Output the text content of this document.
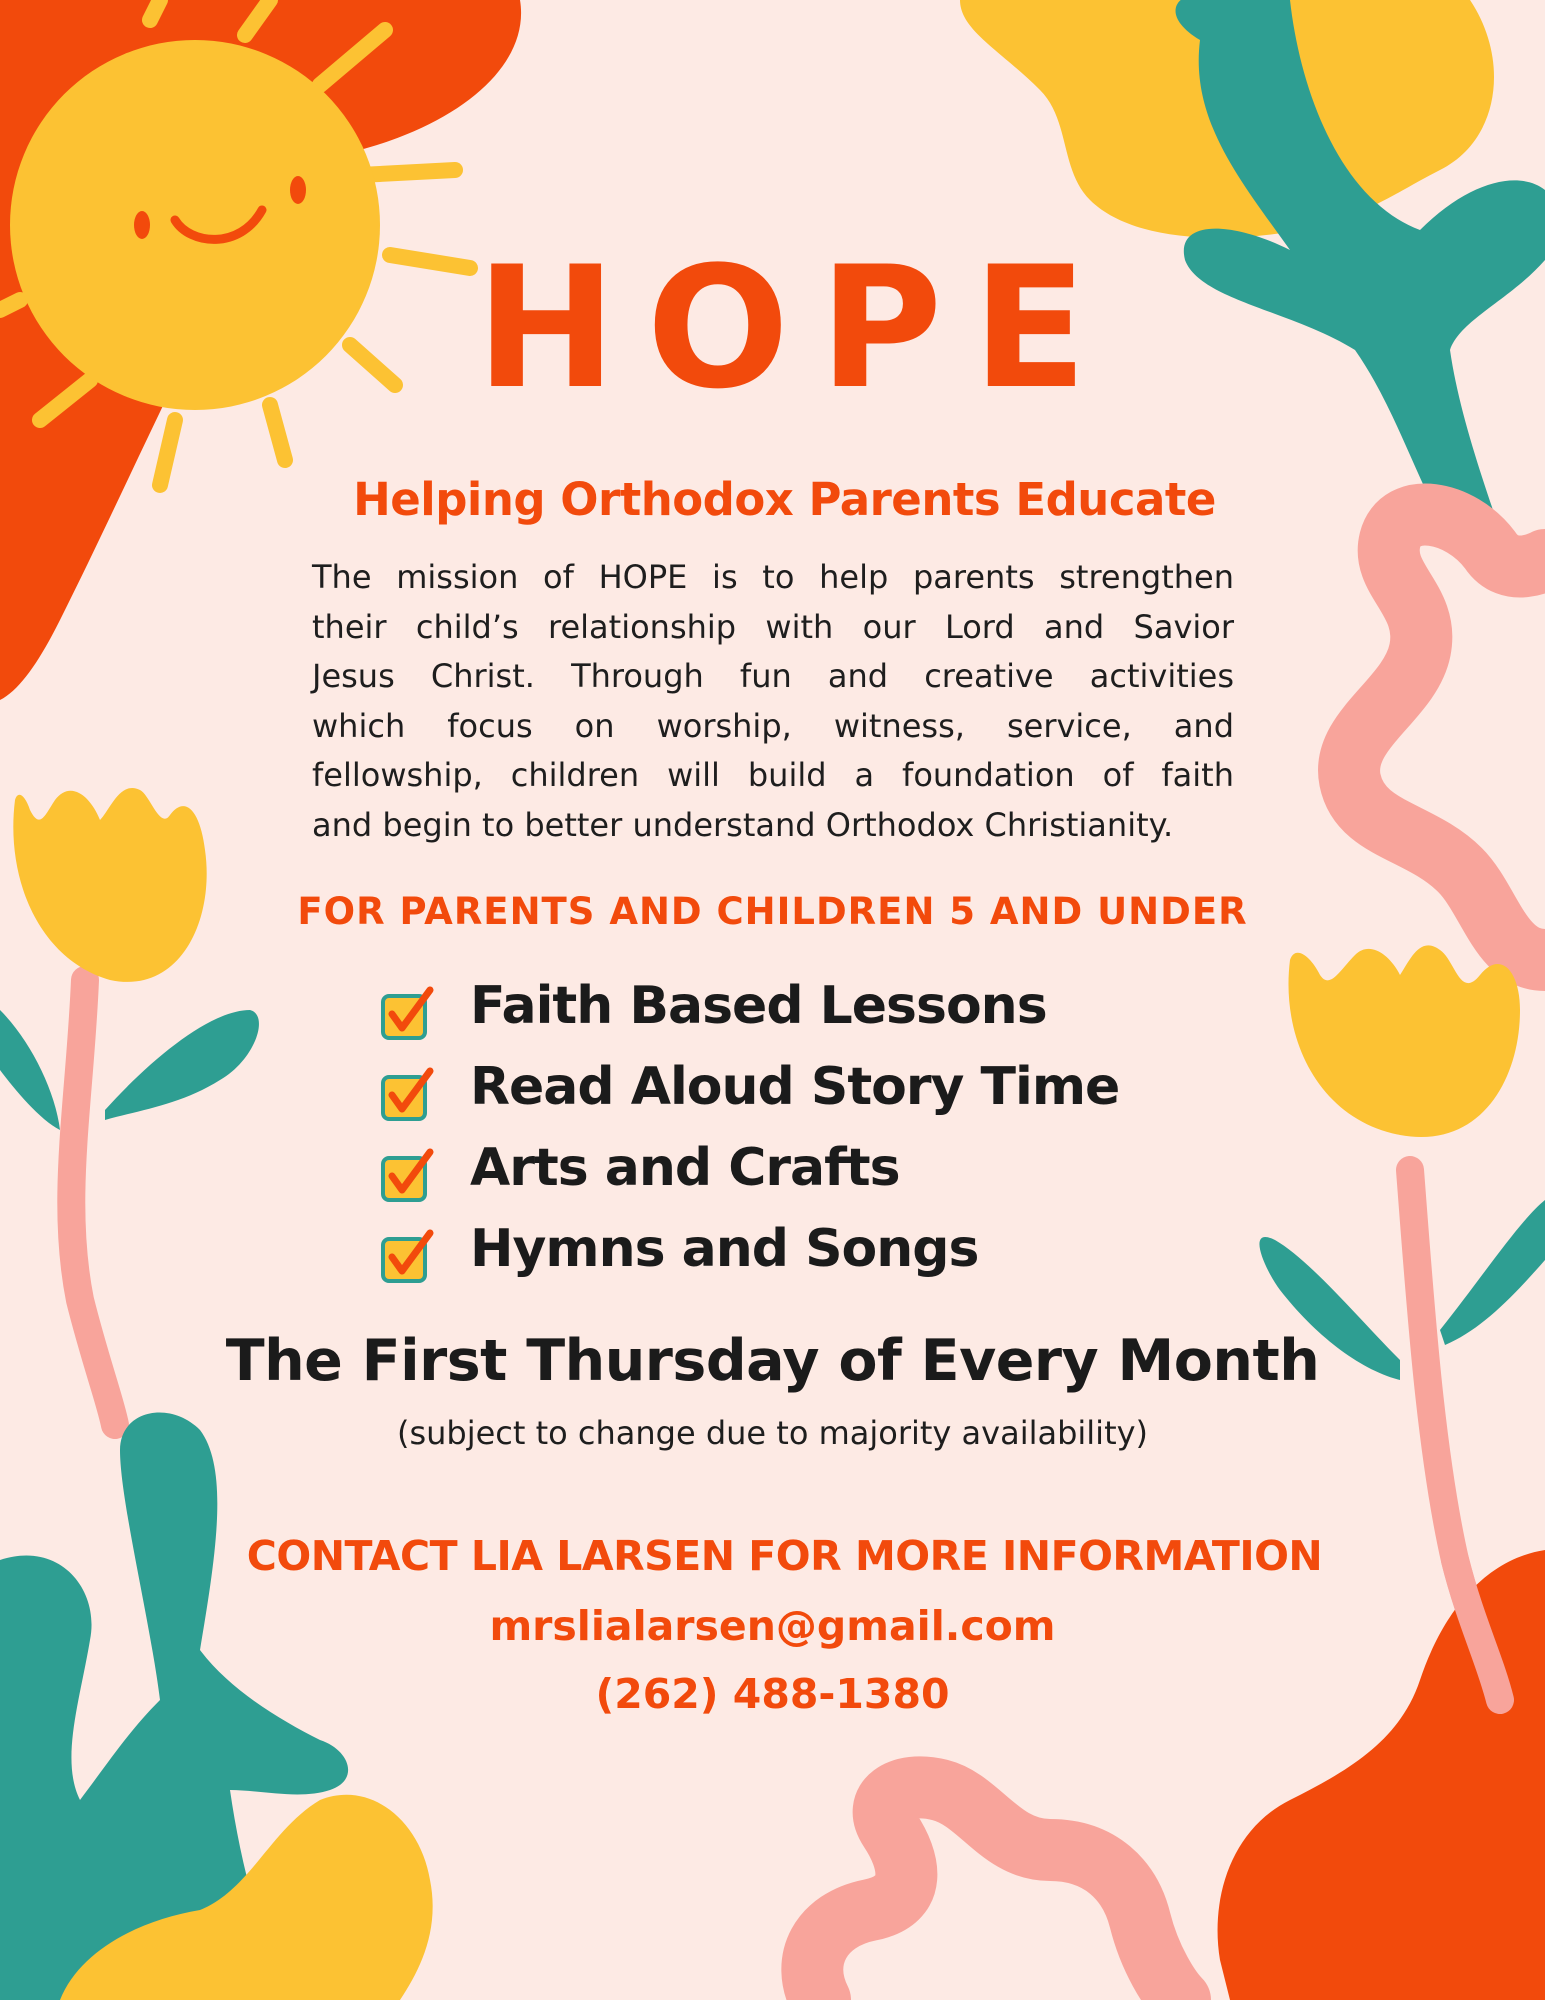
HOPE
Helping Orthodox Parents Educate
The mission of HOPE is to help parents strengthen
their child’s relationship with our Lord and Savior
Jesus Christ. Through fun and creative activities
which focus on worship, witness, service, and
fellowship, children will build a foundation of faith
and begin to better understand Orthodox Christianity.
FOR PARENTS AND CHILDREN 5 AND UNDER
Faith Based Lessons
Read Aloud Story Time
Arts and Crafts
Hymns and Songs
The First Thursday of Every Month
(subject to change due to majority availability)
CONTACT LIA LARSEN FOR MORE INFORMATION
mrslialarsen@gmail.com
(262) 488-1380
